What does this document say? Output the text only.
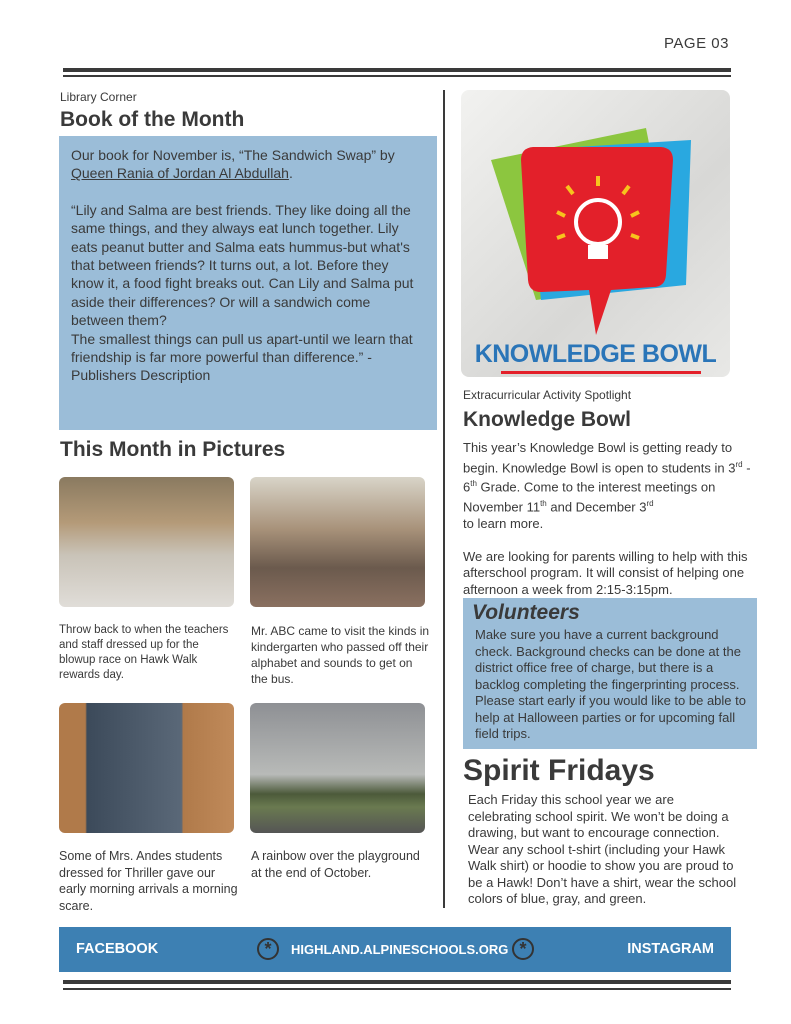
PAGE 03
Library Corner
Book of the Month
Our book for November is, “The Sandwich Swap” by
Queen Rania of Jordan Al Abdullah.
“Lily and Salma are best friends. They like doing all the same things, and they always eat lunch together. Lily eats peanut butter and Salma eats hummus-but what's that between friends? It turns out, a lot. Before they know it, a food fight breaks out. Can Lily and Salma put aside their differences? Or will a sandwich come between them?
The smallest things can pull us apart-until we learn that friendship is far more powerful than difference.” -Publishers Description
This Month in Pictures
Throw back to when the teachers and staff dressed up for the blowup race on Hawk Walk rewards day.
Mr. ABC came to visit the kinds in kindergarten who passed off their alphabet and sounds to get on the bus.
Some of Mrs. Andes students dressed for Thriller gave our early morning arrivals a morning scare.
A rainbow over the playground at the end of October.
KNOWLEDGE BOWL
Extracurricular Activity Spotlight
Knowledge Bowl
This year’s Knowledge Bowl is getting ready to begin. Knowledge Bowl is open to students in 3rd - 6th Grade. Come to the interest meetings on November 11th and December 3rd
to learn more.
We are looking for parents willing to help with this afterschool program. It will consist of helping one afternoon a week from 2:15-3:15pm.
Volunteers
Make sure you have a current background check. Background checks can be done at the district office free of charge, but there is a backlog completing the fingerprinting process. Please start early if you would like to be able to help at Halloween parties or for upcoming fall field trips.
Spirit Fridays
Each Friday this school year we are celebrating school spirit. We won’t be doing a drawing, but want to encourage connection. Wear any school t-shirt (including your Hawk Walk shirt) or hoodie to show you are proud to be a Hawk! Don’t have a shirt, wear the school colors of blue, gray, and green.
FACEBOOK	*	HIGHLAND.ALPINESCHOOLS.ORG *	INSTAGRAM
